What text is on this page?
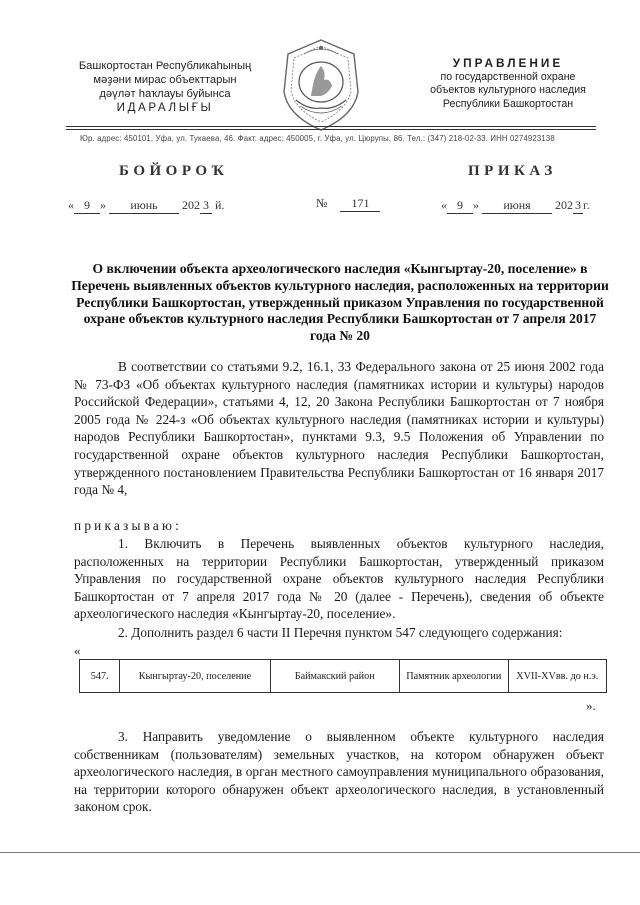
Башкортостан Республикаһының
мәҙәни мирас объекттарын
дәүләт һаҡлауы буйынса
ИДАРАЛЫҒЫ
УПРАВЛЕНИЕ
по государственной охране
объектов культурного наследия
Республики Башкортостан
Юр. адрес: 450101, Уфа, ул. Тукаева, 46. Факт. адрес: 450005, г. Уфа, ул. Цюрупы, 86. Тел.: (347) 218-02-33. ИНН 0274923138
БОЙОРОҠ	ПРИКАЗ
« 9 » июнь 202 3 й.	№ 171	« 9 » июня 202 3 г.
О включении объекта археологического наследия «Кынгыртау-20, поселение» в Перечень выявленных объектов культурного наследия, расположенных на территории Республики Башкортостан, утвержденный приказом Управления по государственной охране объектов культурного наследия Республики Башкортостан от 7 апреля 2017 года № 20
В соответствии со статьями 9.2, 16.1, 33 Федерального закона от 25 июня 2002 года № 73-ФЗ «Об объектах культурного наследия (памятниках истории и культуры) народов Российской Федерации», статьями 4, 12, 20 Закона Республики Башкортостан от 7 ноября 2005 года № 224-з «Об объектах культурного наследия (памятниках истории и культуры) народов Республики Башкортостан», пунктами 9.3, 9.5 Положения об Управлении по государственной охране объектов культурного наследия Республики Башкортостан, утвержденного постановлением Правительства Республики Башкортостан от 16 января 2017 года № 4,
приказываю:
1. Включить в Перечень выявленных объектов культурного наследия, расположенных на территории Республики Башкортостан, утвержденный приказом Управления по государственной охране объектов культурного наследия Республики Башкортостан от 7 апреля 2017 года № 20 (далее - Перечень), сведения об объекте археологического наследия «Кынгыртау-20, поселение».
2. Дополнить раздел 6 части II Перечня пунктом 547 следующего содержания:
«
547.	Кынгыртау-20, поселение	Баймакский район	Памятник археологии	XVII-XVвв. до н.э.
».
3. Направить уведомление о выявленном объекте культурного наследия собственникам (пользователям) земельных участков, на котором обнаружен объект археологического наследия, в орган местного самоуправления муниципального образования, на территории которого обнаружен объект археологического наследия, в установленный законом срок.
